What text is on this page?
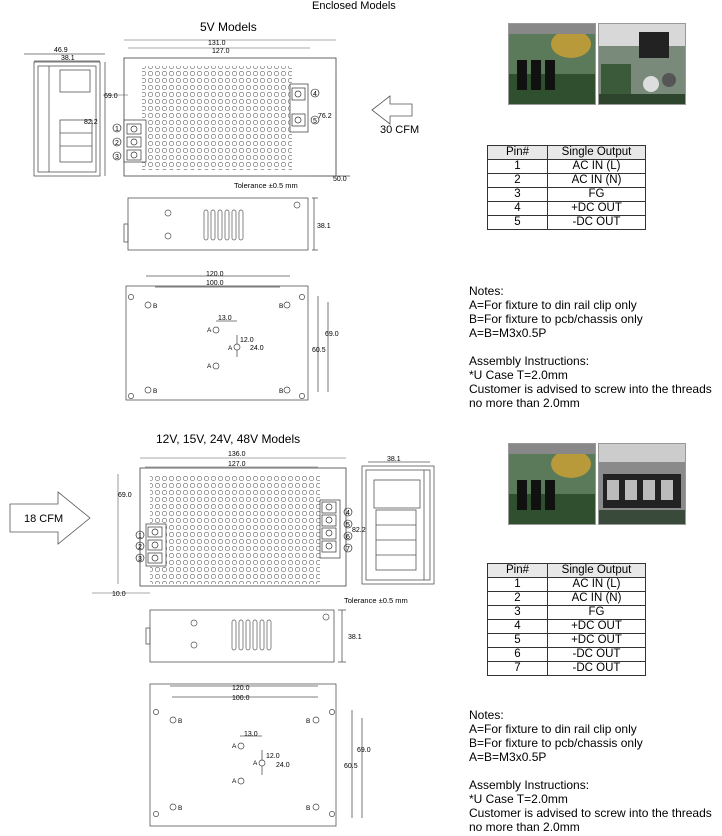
Enclosed Models
5V Models
46.9
38.1
82.2
131.0
127.0
69.0
76.2
50.0
Tolerance ±0.5 mm
1
2
3
4
5
30 CFM
38.1
B	B
B	B
A
A
A
120.0
100.0
13.0
12.0
24.0
69.0
60.5
Pin#	Single Output
1	AC IN (L)
2	AC IN (N)
3	FG
4	+DC OUT
5	-DC OUT

Notes:

A=For fixture to din rail clip only

B=For fixture to pcb/chassis only

A=B=M3x0.5P

Assembly Instructions:

*U Case T=2.0mm

Customer is advised to screw into the threads

no more than 2.0mm

12V, 15V, 24V, 48V Models
136.0
127.0
69.0
82.2
10.0
Tolerance ±0.5 mm
1
2
3
4
5
6
7
38.1
18 CFM
38.1
B	B
B	B
A
A
A
120.0
100.0
13.0
12.0
24.0
69.0
60.5
Pin#	Single Output
1	AC IN (L)
2	AC IN (N)
3	FG
4	+DC OUT
5	+DC OUT
6	-DC OUT
7	-DC OUT

Notes:

A=For fixture to din rail clip only

B=For fixture to pcb/chassis only

A=B=M3x0.5P

Assembly Instructions:

*U Case T=2.0mm

Customer is advised to screw into the threads

no more than 2.0mm
